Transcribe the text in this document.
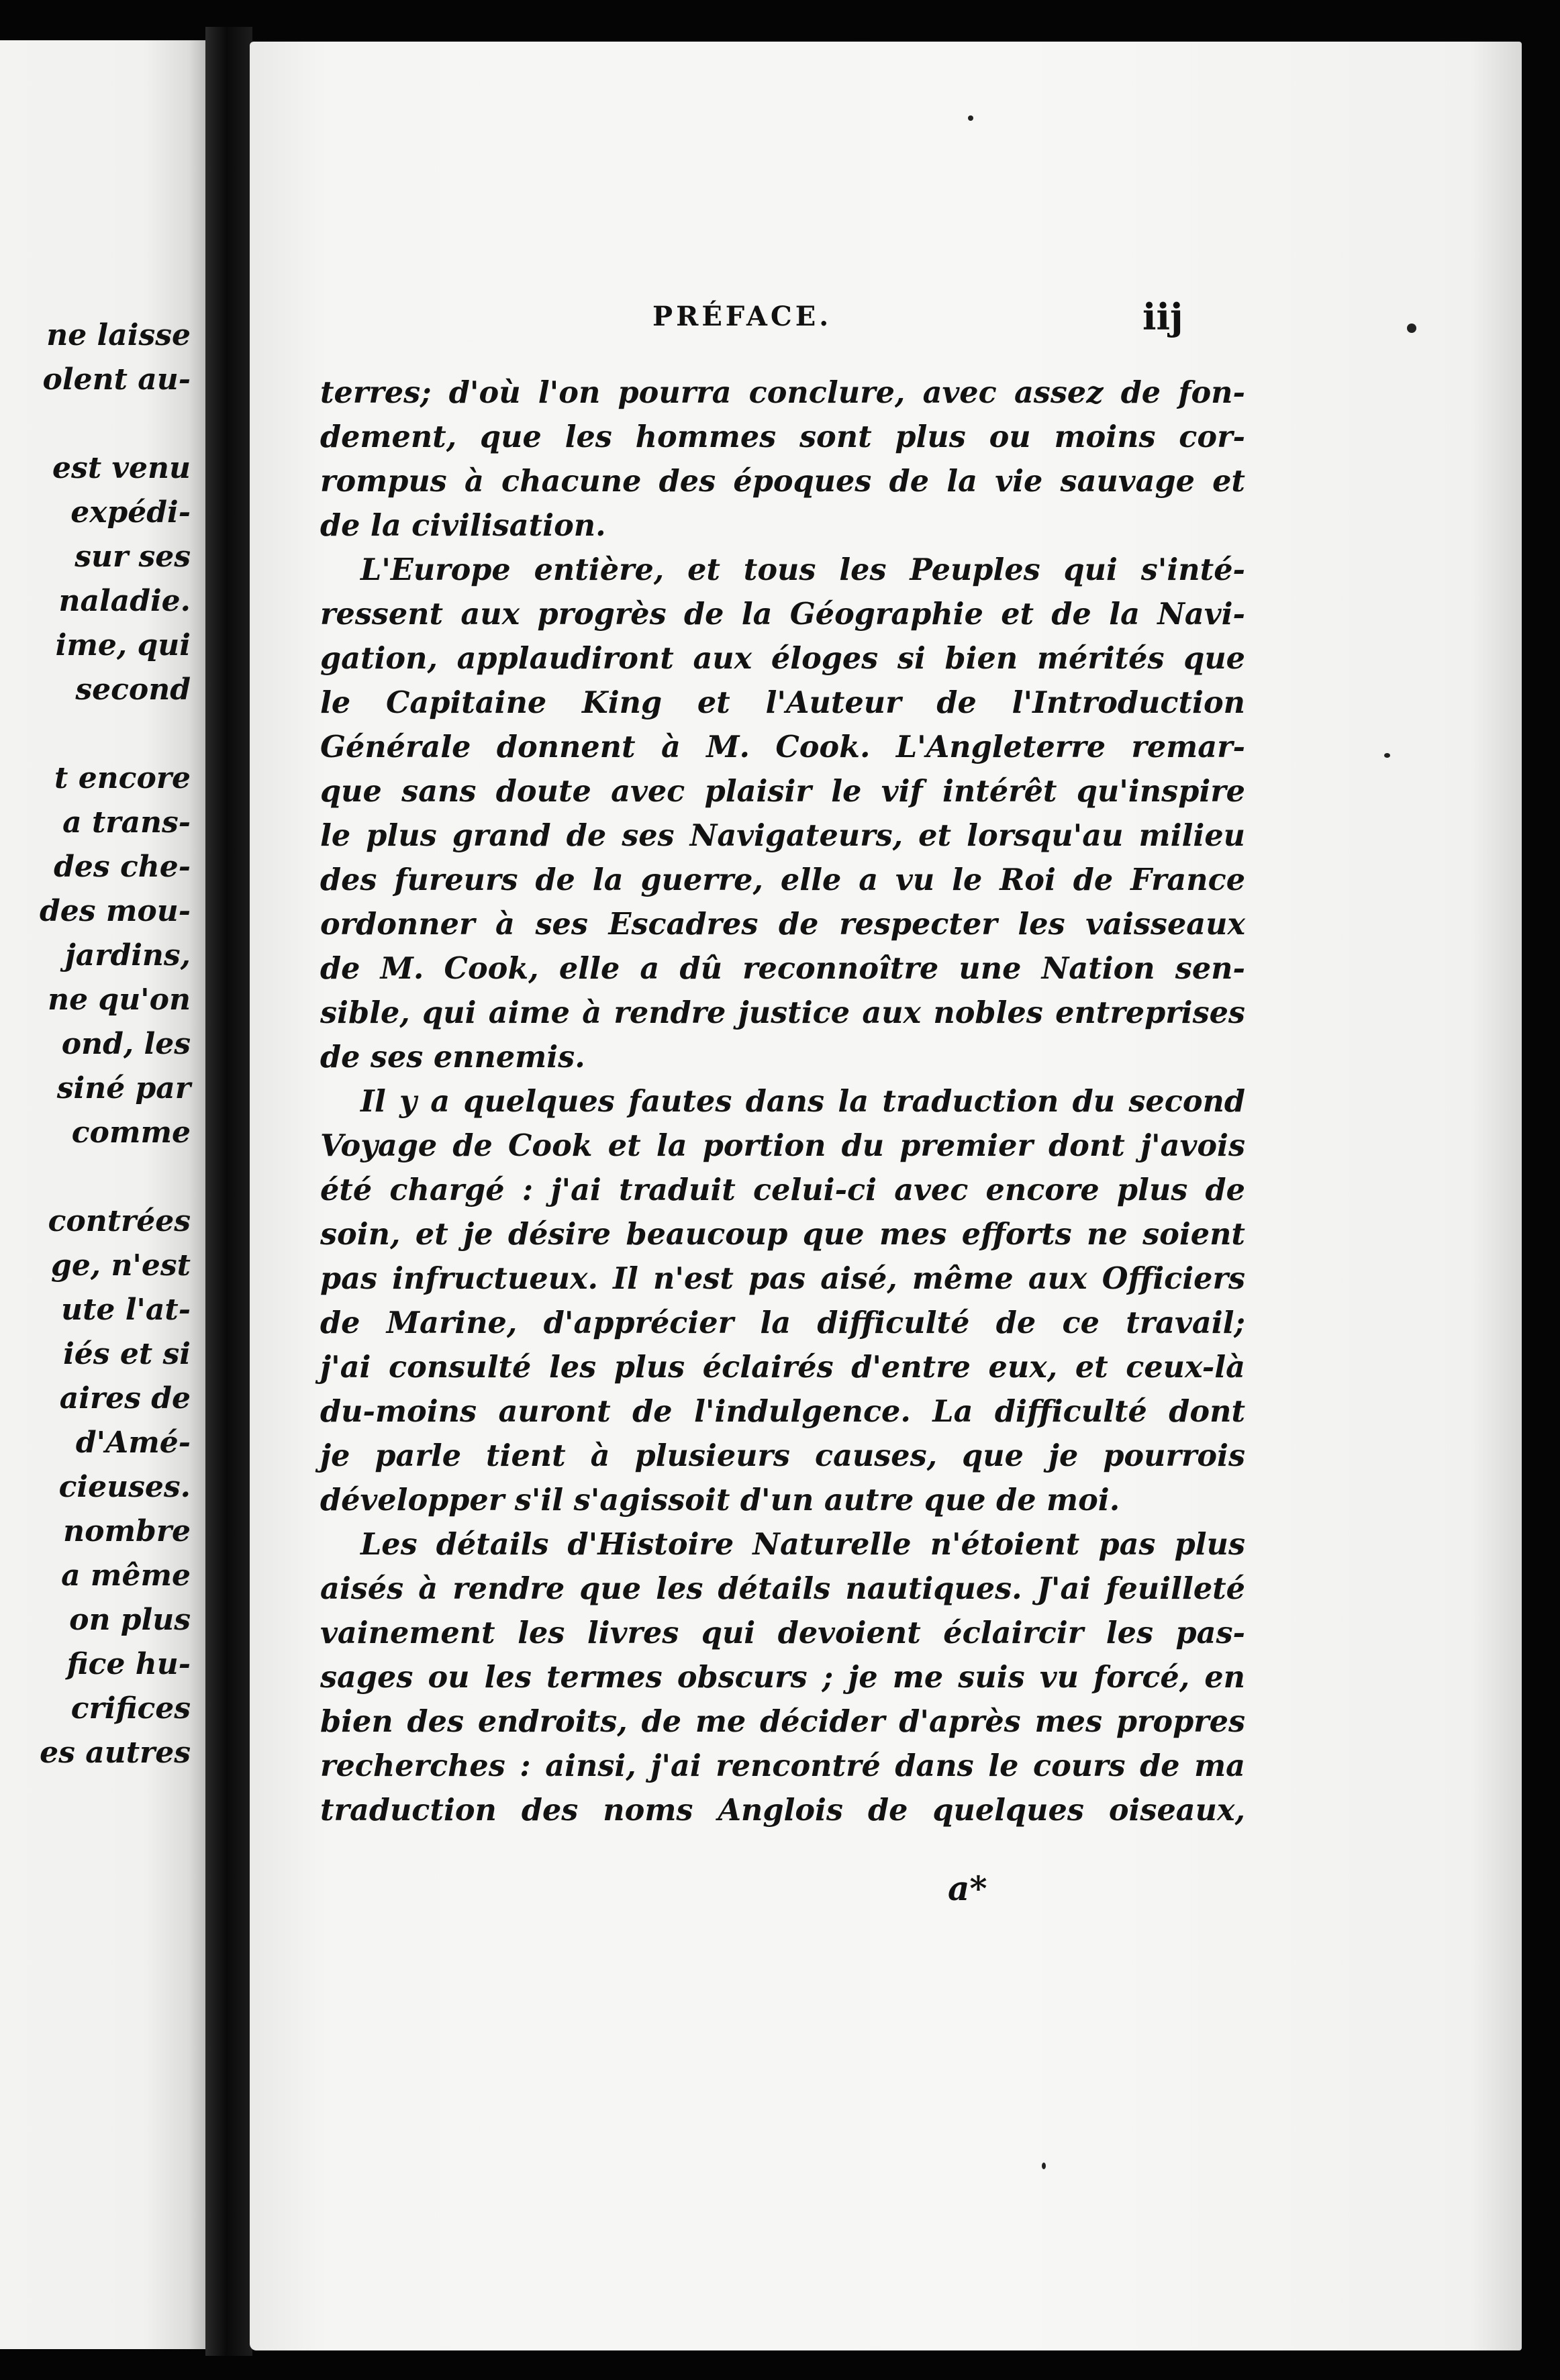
ne laisse
olent au-
est venu
expédi-
sur ses
naladie.
ime, qui
second
t encore
a trans-
des che-
des mou-
jardins,
ne qu'on
ond, les
siné par
comme
contrées
ge, n'est
ute l'at-
iés et si
aires de
d'Amé-
cieuses.
nombre
a même
on plus
fice hu-
crifices
es autres
PRÉFACE.	iij
terres; d'où l'on pourra conclure, avec assez de fon-
dement, que les hommes sont plus ou moins cor-
rompus à chacune des époques de la vie sauvage et
de la civilisation.
L'Europe entière, et tous les Peuples qui s'inté-
ressent aux progrès de la Géographie et de la Navi-
gation, applaudiront aux éloges si bien mérités que
le Capitaine King et l'Auteur de l'Introduction
Générale donnent à M. Cook. L'Angleterre remar-
que sans doute avec plaisir le vif intérêt qu'inspire
le plus grand de ses Navigateurs, et lorsqu'au milieu
des fureurs de la guerre, elle a vu le Roi de France
ordonner à ses Escadres de respecter les vaisseaux
de M. Cook, elle a dû reconnoître une Nation sen-
sible, qui aime à rendre justice aux nobles entreprises
de ses ennemis.
Il y a quelques fautes dans la traduction du second
Voyage de Cook et la portion du premier dont j'avois
été chargé : j'ai traduit celui-ci avec encore plus de
soin, et je désire beaucoup que mes efforts ne soient
pas infructueux. Il n'est pas aisé, même aux Officiers
de Marine, d'apprécier la difficulté de ce travail;
j'ai consulté les plus éclairés d'entre eux, et ceux-là
du-moins auront de l'indulgence. La difficulté dont
je parle tient à plusieurs causes, que je pourrois
développer s'il s'agissoit d'un autre que de moi.
Les détails d'Histoire Naturelle n'étoient pas plus
aisés à rendre que les détails nautiques. J'ai feuilleté
vainement les livres qui devoient éclaircir les pas-
sages ou les termes obscurs ; je me suis vu forcé, en
bien des endroits, de me décider d'après mes propres
recherches : ainsi, j'ai rencontré dans le cours de ma
traduction des noms Anglois de quelques oiseaux,
a*
